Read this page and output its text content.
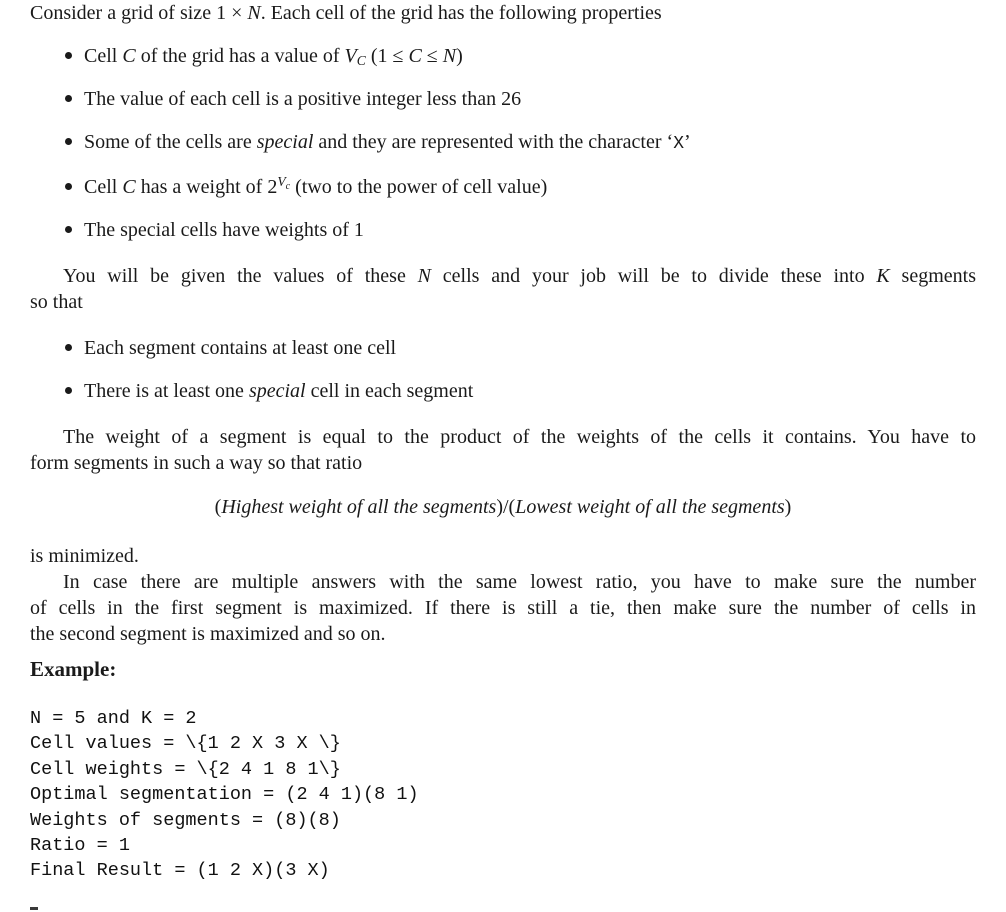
Consider a grid of size 1 × N. Each cell of the grid has the following properties

Cell C of the grid has a value of VC (1 ≤ C ≤ N)
The value of each cell is a positive integer less than 26
Some of the cells are special and they are represented with the character ‘X’
Cell C has a weight of $2^{V_c}$ (two to the power of cell value)
The special cells have weights of 1
You will be given the values of these N cells and your job will be to divide these into K segments
so that
Each segment contains at least one cell
There is at least one special cell in each segment
The weight of a segment is equal to the product of the weights of the cells it contains. You have to
form segments in such a way so that ratio
(Highest weight of all the segments)/(Lowest weight of all the segments)
is minimized.
In case there are multiple answers with the same lowest ratio, you have to make sure the number
of cells in the first segment is maximized. If there is still a tie, then make sure the number of cells in
the second segment is maximized and so on.
Example:
N = 5 and K = 2
Cell values = \{1 2 X 3 X \}
Cell weights = \{2 4 1 8 1\}
Optimal segmentation = (2 4 1)(8 1)
Weights of segments = (8)(8)
Ratio = 1
Final Result = (1 2 X)(3 X)
